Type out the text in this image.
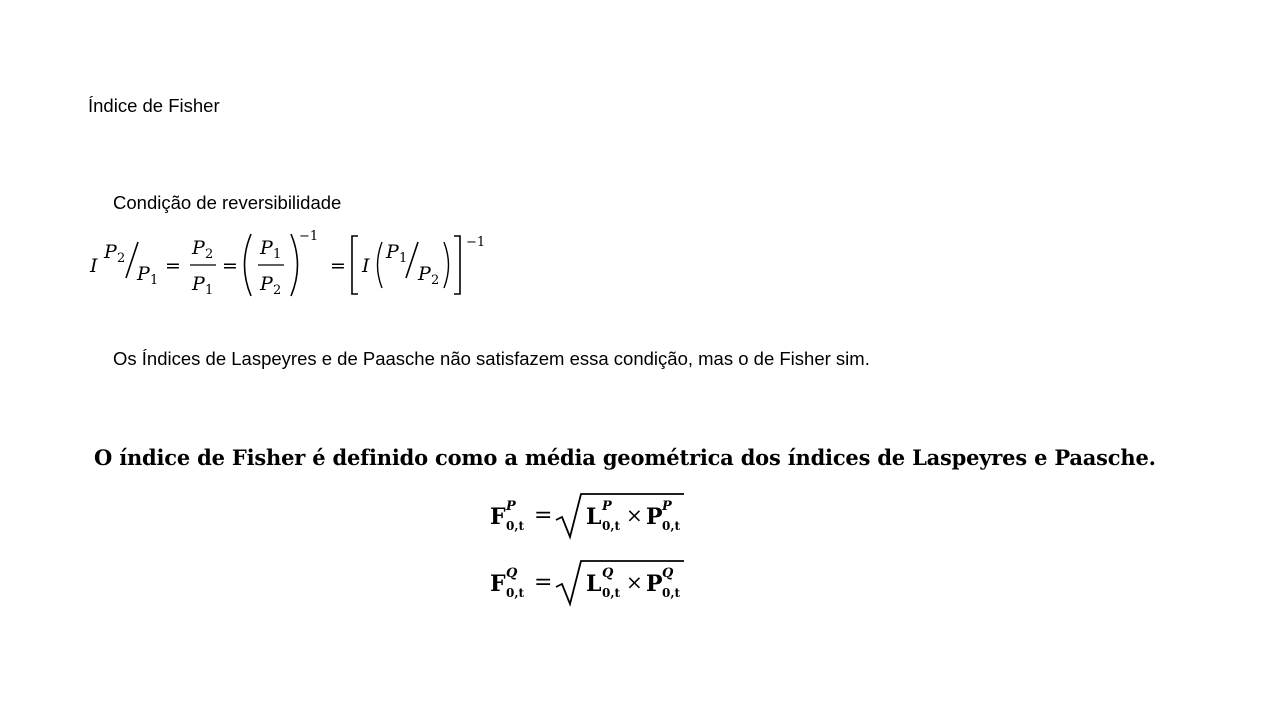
Índice de Fisher
Condição de reversibilidade
I
P 2
P 1
=
P 2
P 1
=
P 1
P 2
−1
= I
P 1
P 2
−1
Os Índices de Laspeyres e de Paasche não satisfazem essa condição, mas o de Fisher sim.
O índice de Fisher é definido como a média geométrica dos índices de Laspeyres e Paasche.
F P
0,t = L P
0,t × P P
0,t
F Q
0,t = L Q
0,t × P Q
0,t
